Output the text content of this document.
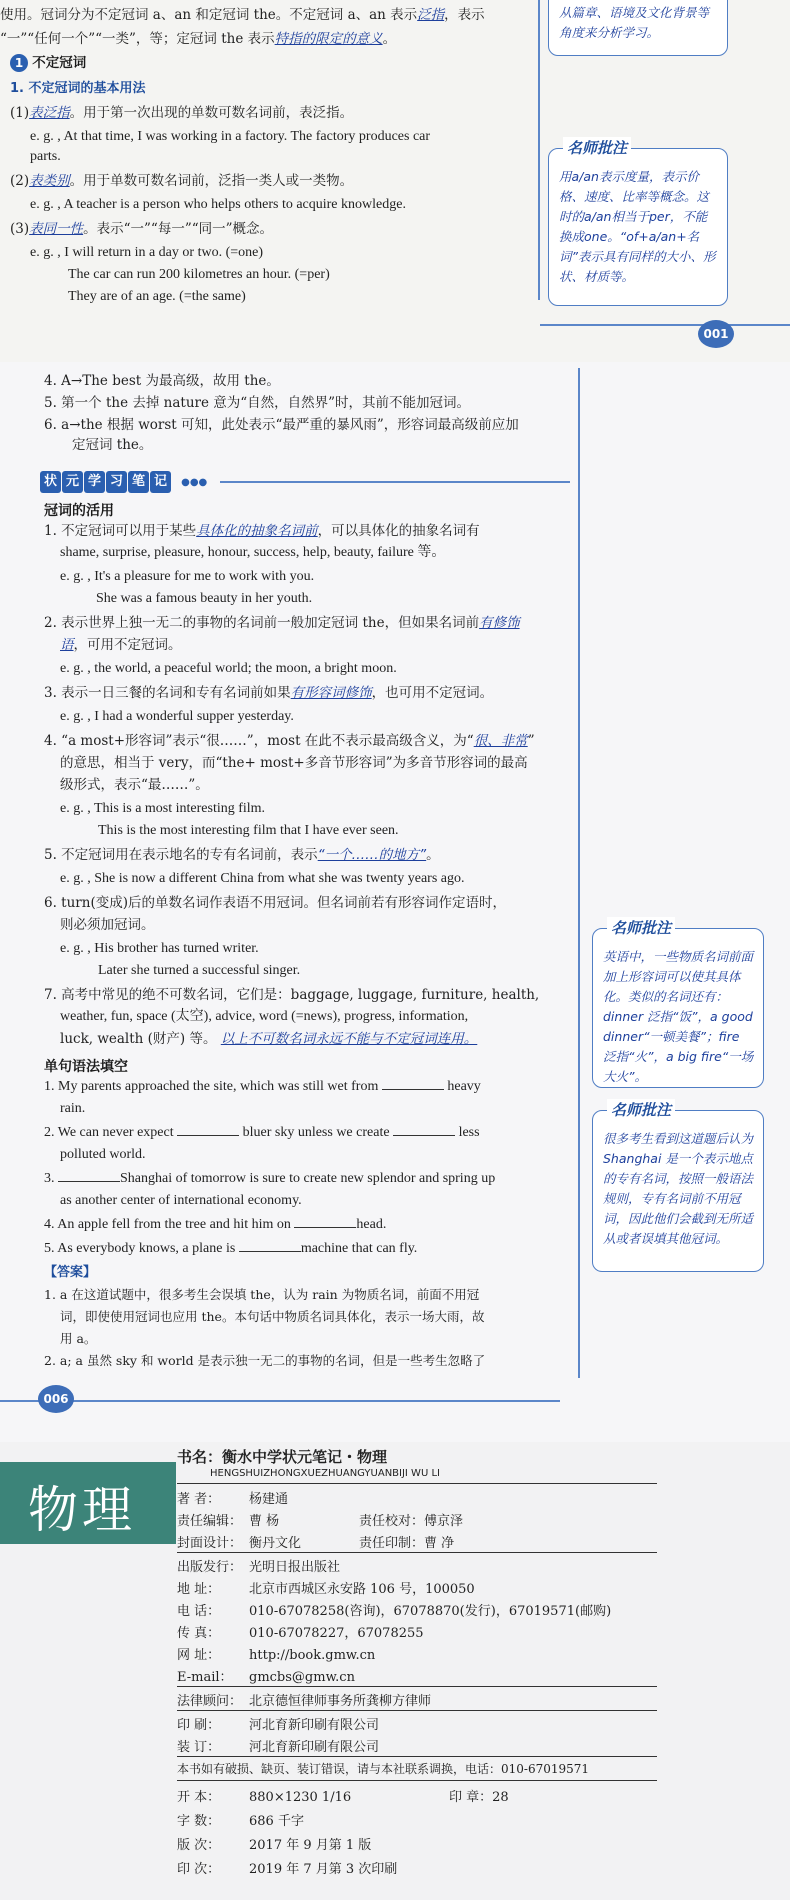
使用。冠词分为不定冠词 a、an 和定冠词 the。不定冠词 a、an 表示泛指，表示
“一”“任何一个”“一类”，等；定冠词 the 表示特指的限定的意义。
1 不定冠词
1. 不定冠词的基本用法
(1)表泛指。用于第一次出现的单数可数名词前，表泛指。
e. g. , At that time, I was working in a factory. The factory produces car
parts.
(2)表类别。用于单数可数名词前，泛指一类人或一类物。
e. g. , A teacher is a person who helps others to acquire knowledge.
(3)表同一性。表示“一”“每一”“同一”概念。
e. g. , I will return in a day or two. (=one)
The car can run 200 kilometres an hour. (=per)
They are of an age. (=the same)
从篇章、语境及文化背景等角度来分析学习。
名师批注
用a/an表示度量，表示价格、速度、比率等概念。这时的a/an相当于per，不能换成one。“of+a/an+名词”表示具有同样的大小、形状、材质等。
001
4. A→The best 为最高级，故用 the。
5. 第一个 the 去掉 nature 意为“自然，自然界”时，其前不能加冠词。
6. a→the 根据 worst 可知，此处表示“最严重的暴风雨”，形容词最高级前应加
定冠词 the。
状 元 学 习 笔 记 ●●●
冠词的活用
1. 不定冠词可以用于某些具体化的抽象名词前，可以具体化的抽象名词有
shame, surprise, pleasure, honour, success, help, beauty, failure 等。
e. g. , It's a pleasure for me to work with you.
She was a famous beauty in her youth.
2. 表示世界上独一无二的事物的名词前一般加定冠词 the，但如果名词前有修饰
语，可用不定冠词。
e. g. , the world, a peaceful world; the moon, a bright moon.
3. 表示一日三餐的名词和专有名词前如果有形容词修饰，也可用不定冠词。
e. g. , I had a wonderful supper yesterday.
4. “a most+形容词”表示“很……”，most 在此不表示最高级含义，为“很、非常”
的意思，相当于 very，而“the+ most+多音节形容词”为多音节形容词的最高
级形式，表示“最……”。
e. g. , This is a most interesting film.
This is the most interesting film that I have ever seen.
5. 不定冠词用在表示地名的专有名词前，表示“一个……的地方”。
e. g. , She is now a different China from what she was twenty years ago.
6. turn(变成)后的单数名词作表语不用冠词。但名词前若有形容词作定语时，
则必须加冠词。
e. g. , His brother has turned writer.
Later she turned a successful singer.
7. 高考中常见的绝不可数名词，它们是：baggage, luggage, furniture, health,
weather, fun, space (太空), advice, word (=news), progress, information,
luck, wealth (财产) 等。 以上不可数名词永远不能与不定冠词连用。
单句语法填空
1. My parents approached the site, which was still wet from	heavy
rain.
2. We can never expect	bluer sky unless we create	less
polluted world.
3.	Shanghai of tomorrow is sure to create new splendor and spring up
as another center of international economy.
4. An apple fell from the tree and hit him on	head.
5. As everybody knows, a plane is	machine that can fly.
【答案】
1. a 在这道试题中，很多考生会误填 the，认为 rain 为物质名词，前面不用冠
词，即使使用冠词也应用 the。本句话中物质名词具体化，表示一场大雨，故
用 a。
2. a; a 虽然 sky 和 world 是表示独一无二的事物的名词，但是一些考生忽略了
名师批注
英语中，一些物质名词前面加上形容词可以使其具体化。类似的名词还有：dinner 泛指“饭”，a good dinner“一顿美餐”；fire 泛指“火”，a big fire“一场大火”。
名师批注
很多考生看到这道题后认为 Shanghai 是一个表示地点的专有名词，按照一般语法规则，专有名词前不用冠词，因此他们会截到无所适从或者误填其他冠词。
006
物理
书名：衡水中学状元笔记・物理
HENGSHUIZHONGXUEZHUANGYUANBIJI WU LI
著 者： 杨建通
责任编辑： 曹 杨	责任校对：傅京泽
封面设计： 衡丹文化	责任印制：曹 净
出版发行： 光明日报出版社
地 址： 北京市西城区永安路 106 号，100050
电 话： 010-67078258(咨询)，67078870(发行)，67019571(邮购)
传 真： 010-67078227，67078255
网 址： http://book.gmw.cn
E-mail： gmcbs@gmw.cn
法律顾问： 北京德恒律师事务所龚柳方律师
印 刷： 河北育新印刷有限公司
装 订： 河北育新印刷有限公司
本书如有破损、缺页、装订错误，请与本社联系调换，电话：010-67019571
开 本： 880×1230 1/16	印 章：28
字 数： 686 千字
版 次： 2017 年 9 月第 1 版
印 次： 2019 年 7 月第 3 次印刷
